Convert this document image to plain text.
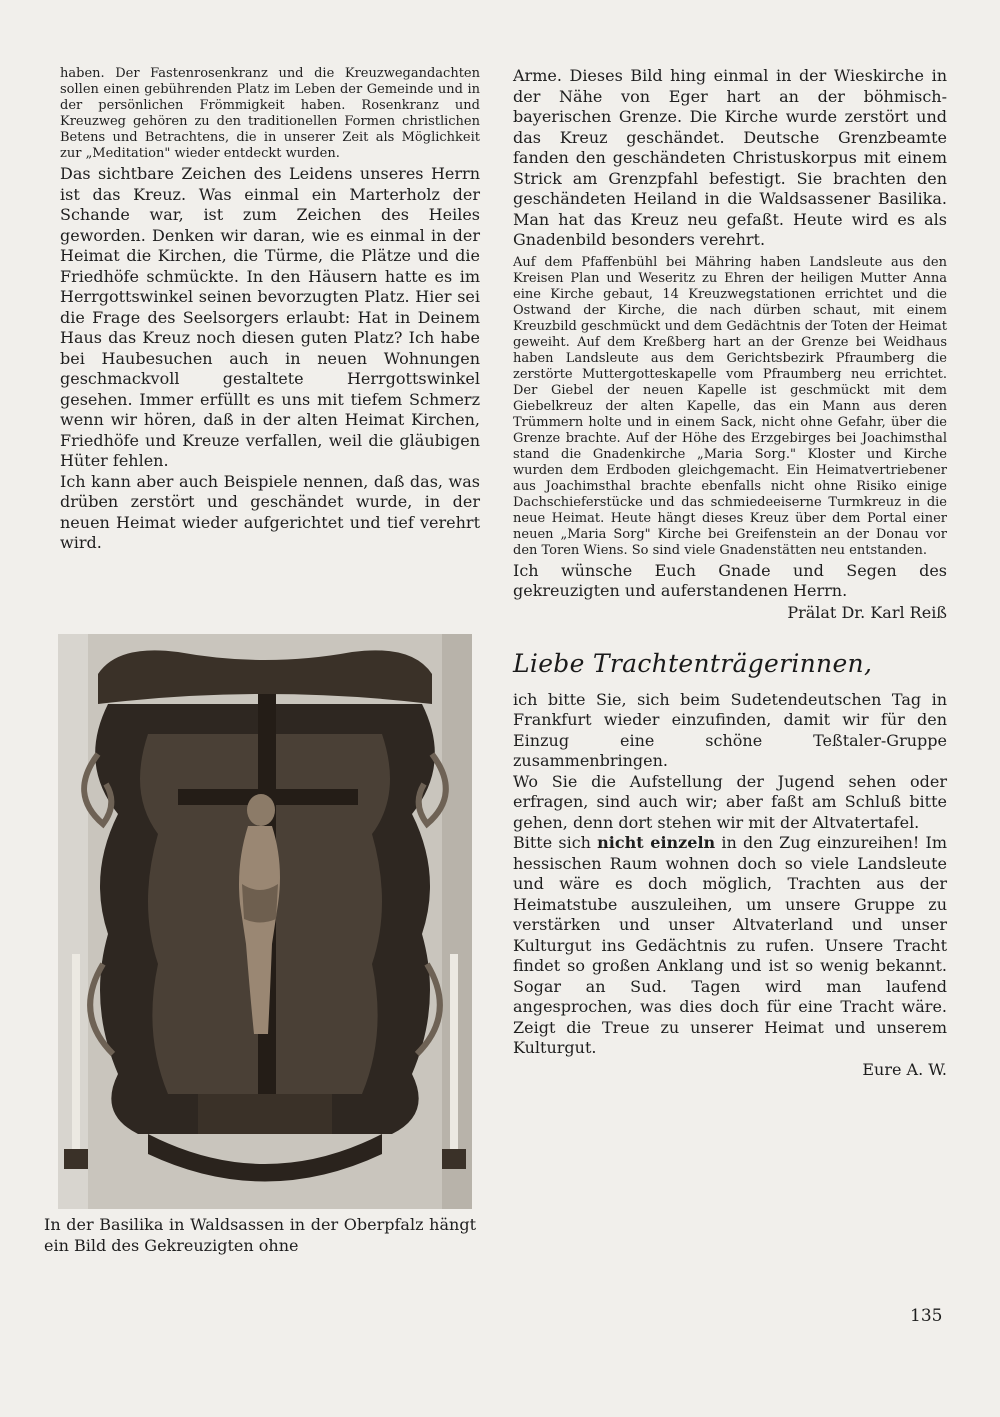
haben. Der Fastenrosenkranz und die Kreuzwegandachten sollen einen gebührenden Platz im Leben der Gemeinde und in der persönlichen Frömmigkeit haben. Rosenkranz und Kreuzweg gehören zu den traditionellen Formen christlichen Betens und Betrachtens, die in unserer Zeit als Möglichkeit zur „Meditation" wieder entdeckt wurden.

Das sichtbare Zeichen des Leidens unseres Herrn ist das Kreuz. Was einmal ein Marterholz der Schande war, ist zum Zeichen des Heiles geworden. Denken wir daran, wie es einmal in der Heimat die Kirchen, die Türme, die Plätze und die Friedhöfe schmückte. In den Häusern hatte es im Herrgottswinkel seinen bevorzugten Platz. Hier sei die Frage des Seelsorgers erlaubt: Hat in Deinem Haus das Kreuz noch diesen guten Platz? Ich habe bei Haubesuchen auch in neuen Wohnungen geschmackvoll gestaltete Herrgottswinkel gesehen. Immer erfüllt es uns mit tiefem Schmerz wenn wir hören, daß in der alten Heimat Kirchen, Friedhöfe und Kreuze verfallen, weil die gläubigen Hüter fehlen.

Ich kann aber auch Beispiele nennen, daß das, was drüben zerstört und geschändet wurde, in der neuen Heimat wieder aufgerichtet und tief verehrt wird.

In der Basilika in Waldsassen in der Oberpfalz hängt ein Bild des Gekreuzigten ohne

Arme. Dieses Bild hing einmal in der Wieskirche in der Nähe von Eger hart an der böhmisch-bayerischen Grenze. Die Kirche wurde zerstört und das Kreuz geschändet. Deutsche Grenzbeamte fanden den geschändeten Christuskorpus mit einem Strick am Grenzpfahl befestigt. Sie brachten den geschändeten Heiland in die Waldsassener Basilika. Man hat das Kreuz neu gefaßt. Heute wird es als Gnadenbild besonders verehrt.

Auf dem Pfaffenbühl bei Mähring haben Landsleute aus den Kreisen Plan und Weseritz zu Ehren der heiligen Mutter Anna eine Kirche gebaut, 14 Kreuzwegstationen errichtet und die Ostwand der Kirche, die nach dürben schaut, mit einem Kreuzbild geschmückt und dem Gedächtnis der Toten der Heimat geweiht. Auf dem Kreßberg hart an der Grenze bei Weidhaus haben Landsleute aus dem Gerichtsbezirk Pfraumberg die zerstörte Muttergotteskapelle vom Pfraumberg neu errichtet. Der Giebel der neuen Kapelle ist geschmückt mit dem Giebelkreuz der alten Kapelle, das ein Mann aus deren Trümmern holte und in einem Sack, nicht ohne Gefahr, über die Grenze brachte. Auf der Höhe des Erzgebirges bei Joachimsthal stand die Gnadenkirche „Maria Sorg." Kloster und Kirche wurden dem Erdboden gleichgemacht. Ein Heimatvertriebener aus Joachimsthal brachte ebenfalls nicht ohne Risiko einige Dachschieferstücke und das schmiedeeiserne Turmkreuz in die neue Heimat. Heute hängt dieses Kreuz über dem Portal einer neuen „Maria Sorg" Kirche bei Greifenstein an der Donau vor den Toren Wiens. So sind viele Gnadenstätten neu entstanden.

Ich wünsche Euch Gnade und Segen des gekreuzigten und auferstandenen Herrn.

Prälat Dr. Karl Reiß

Liebe Trachtenträgerinnen,

ich bitte Sie, sich beim Sudetendeutschen Tag in Frankfurt wieder einzufinden, damit wir für den Einzug eine schöne Teßtaler-Gruppe zusammenbringen.

Wo Sie die Aufstellung der Jugend sehen oder erfragen, sind auch wir; aber faßt am Schluß bitte gehen, denn dort stehen wir mit der Altvatertafel.

Bitte sich nicht einzeln in den Zug einzureihen! Im hessischen Raum wohnen doch so viele Landsleute und wäre es doch möglich, Trachten aus der Heimatstube auszuleihen, um unsere Gruppe zu verstärken und unser Altvaterland und unser Kulturgut ins Gedächtnis zu rufen. Unsere Tracht findet so großen Anklang und ist so wenig bekannt. Sogar an Sud. Tagen wird man laufend angesprochen, was dies doch für eine Tracht wäre. Zeigt die Treue zu unserer Heimat und unserem Kulturgut.

Eure A. W.

135
